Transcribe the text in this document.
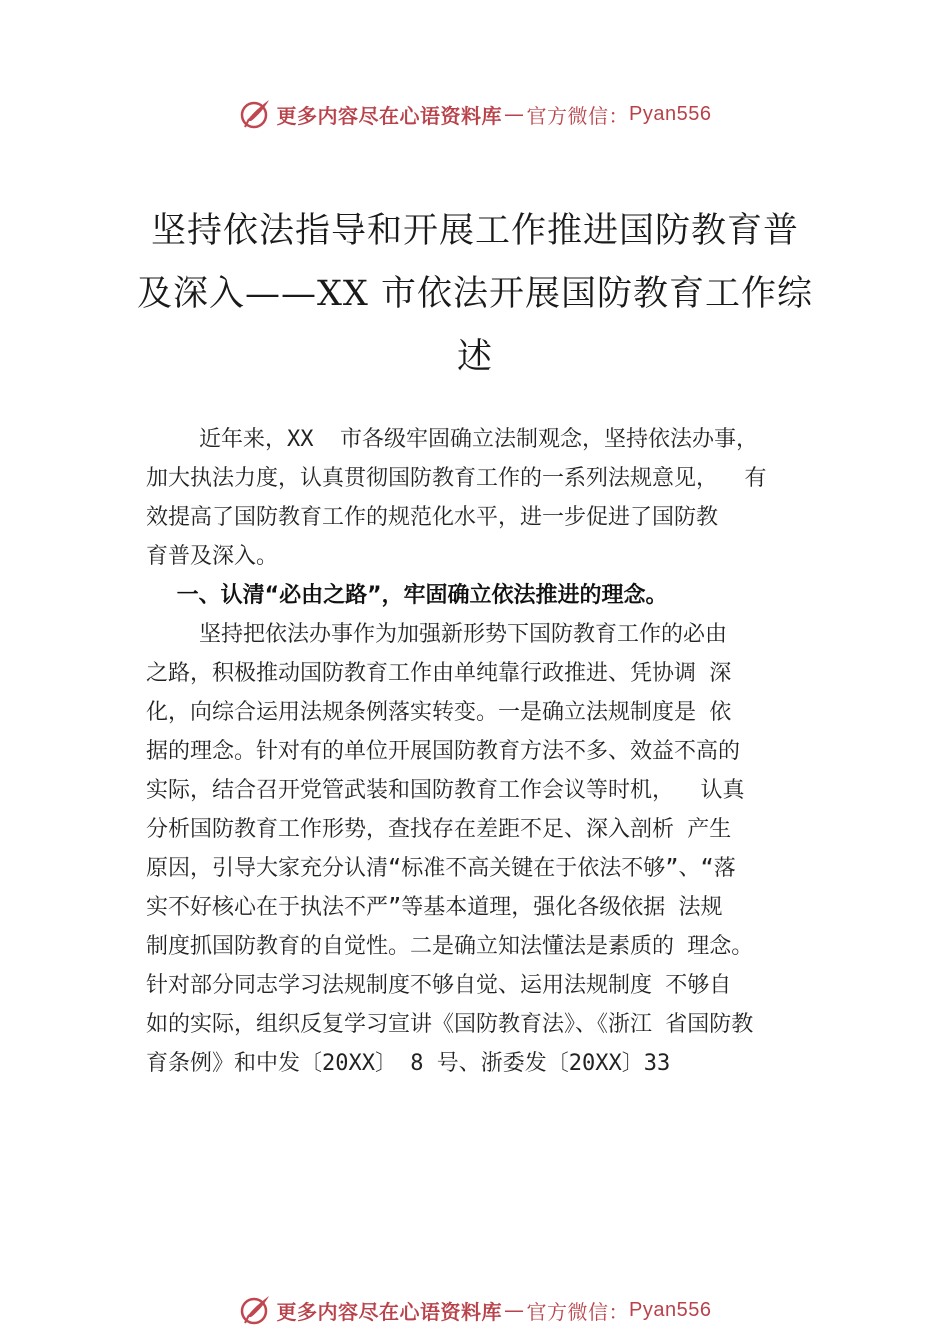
更多内容尽在心语资料库 — 官方微信： Pyan556
坚持依法指导和开展工作推进国防教育普
及深入——XX 市依法开展国防教育工作综
述
近年来，XX  市各级牢固确立法制观念，坚持依法办事，
加大执法力度，认真贯彻国防教育工作的一系列法规意见，  有
效提高了国防教育工作的规范化水平，进一步促进了国防教
育普及深入。
一、认清“必由之路”，牢固确立依法推进的理念。
坚持把依法办事作为加强新形势下国防教育工作的必由
之路，积极推动国防教育工作由单纯靠行政推进、凭协调 深
化，向综合运用法规条例落实转变。一是确立法规制度是 依
据的理念。针对有的单位开展国防教育方法不多、效益不高的
实际，结合召开党管武装和国防教育工作会议等时机，  认真
分析国防教育工作形势，查找存在差距不足、深入剖析 产生
原因，引导大家充分认清“标准不高关键在于依法不够”、“落
实不好核心在于执法不严”等基本道理，强化各级依据 法规
制度抓国防教育的自觉性。二是确立知法懂法是素质的 理念。
针对部分同志学习法规制度不够自觉、运用法规制度 不够自
如的实际，组织反复学习宣讲《国防教育法》、《浙江 省国防教
育条例》和中发〔20XX〕 8 号、浙委发〔20XX〕33
更多内容尽在心语资料库 — 官方微信： Pyan556
